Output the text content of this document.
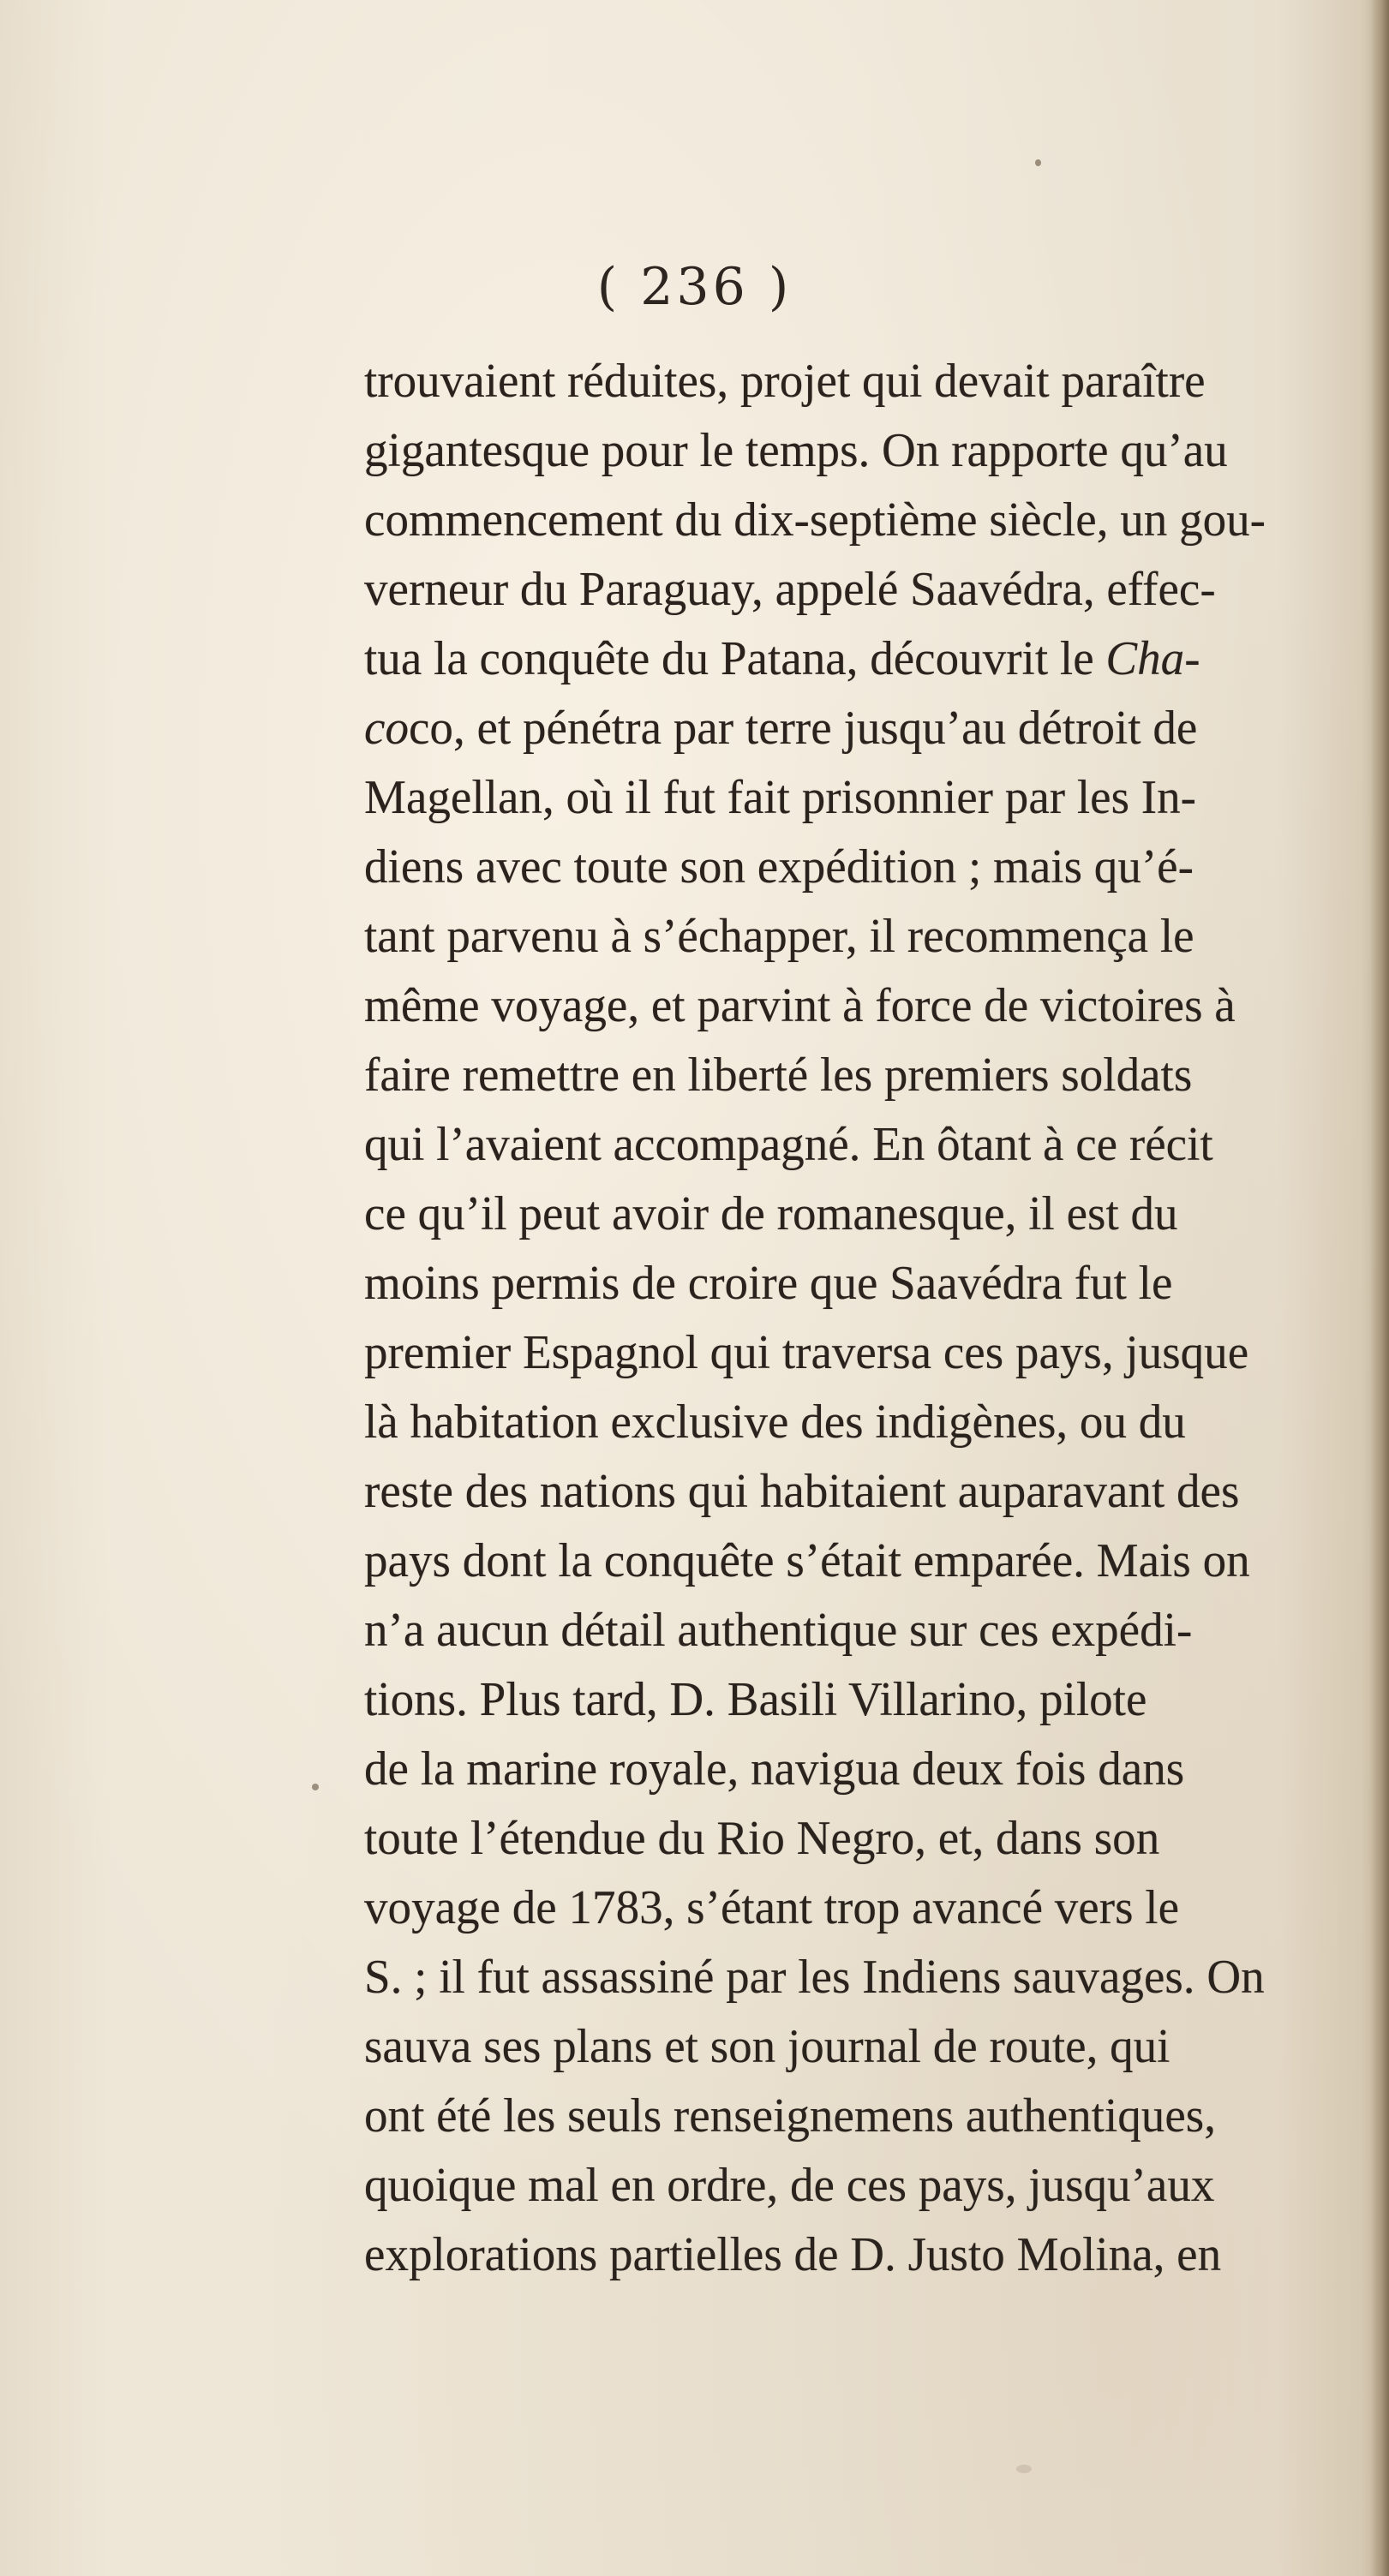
( 236 )
trouvaient réduites, projet qui devait paraître
gigantesque pour le temps. On rapporte qu’au
commencement du dix-septième siècle, un gou-
verneur du Paraguay, appelé Saavédra, effec-
tua la conquête du Patana, découvrit le Cha-
coco, et pénétra par terre jusqu’au détroit de
Magellan, où il fut fait prisonnier par les In-
diens avec toute son expédition ; mais qu’é-
tant parvenu à s’échapper, il recommença le
même voyage, et parvint à force de victoires à
faire remettre en liberté les premiers soldats
qui l’avaient accompagné. En ôtant à ce récit
ce qu’il peut avoir de romanesque, il est du
moins permis de croire que Saavédra fut le
premier Espagnol qui traversa ces pays, jusque
là habitation exclusive des indigènes, ou du
reste des nations qui habitaient auparavant des
pays dont la conquête s’était emparée. Mais on
n’a aucun détail authentique sur ces expédi-
tions. Plus tard, D. Basili Villarino, pilote
de la marine royale, navigua deux fois dans
toute l’étendue du Rio Negro, et, dans son
voyage de 1783, s’étant trop avancé vers le
S. ; il fut assassiné par les Indiens sauvages. On
sauva ses plans et son journal de route, qui
ont été les seuls renseignemens authentiques,
quoique mal en ordre, de ces pays, jusqu’aux
explorations partielles de D. Justo Molina, en
